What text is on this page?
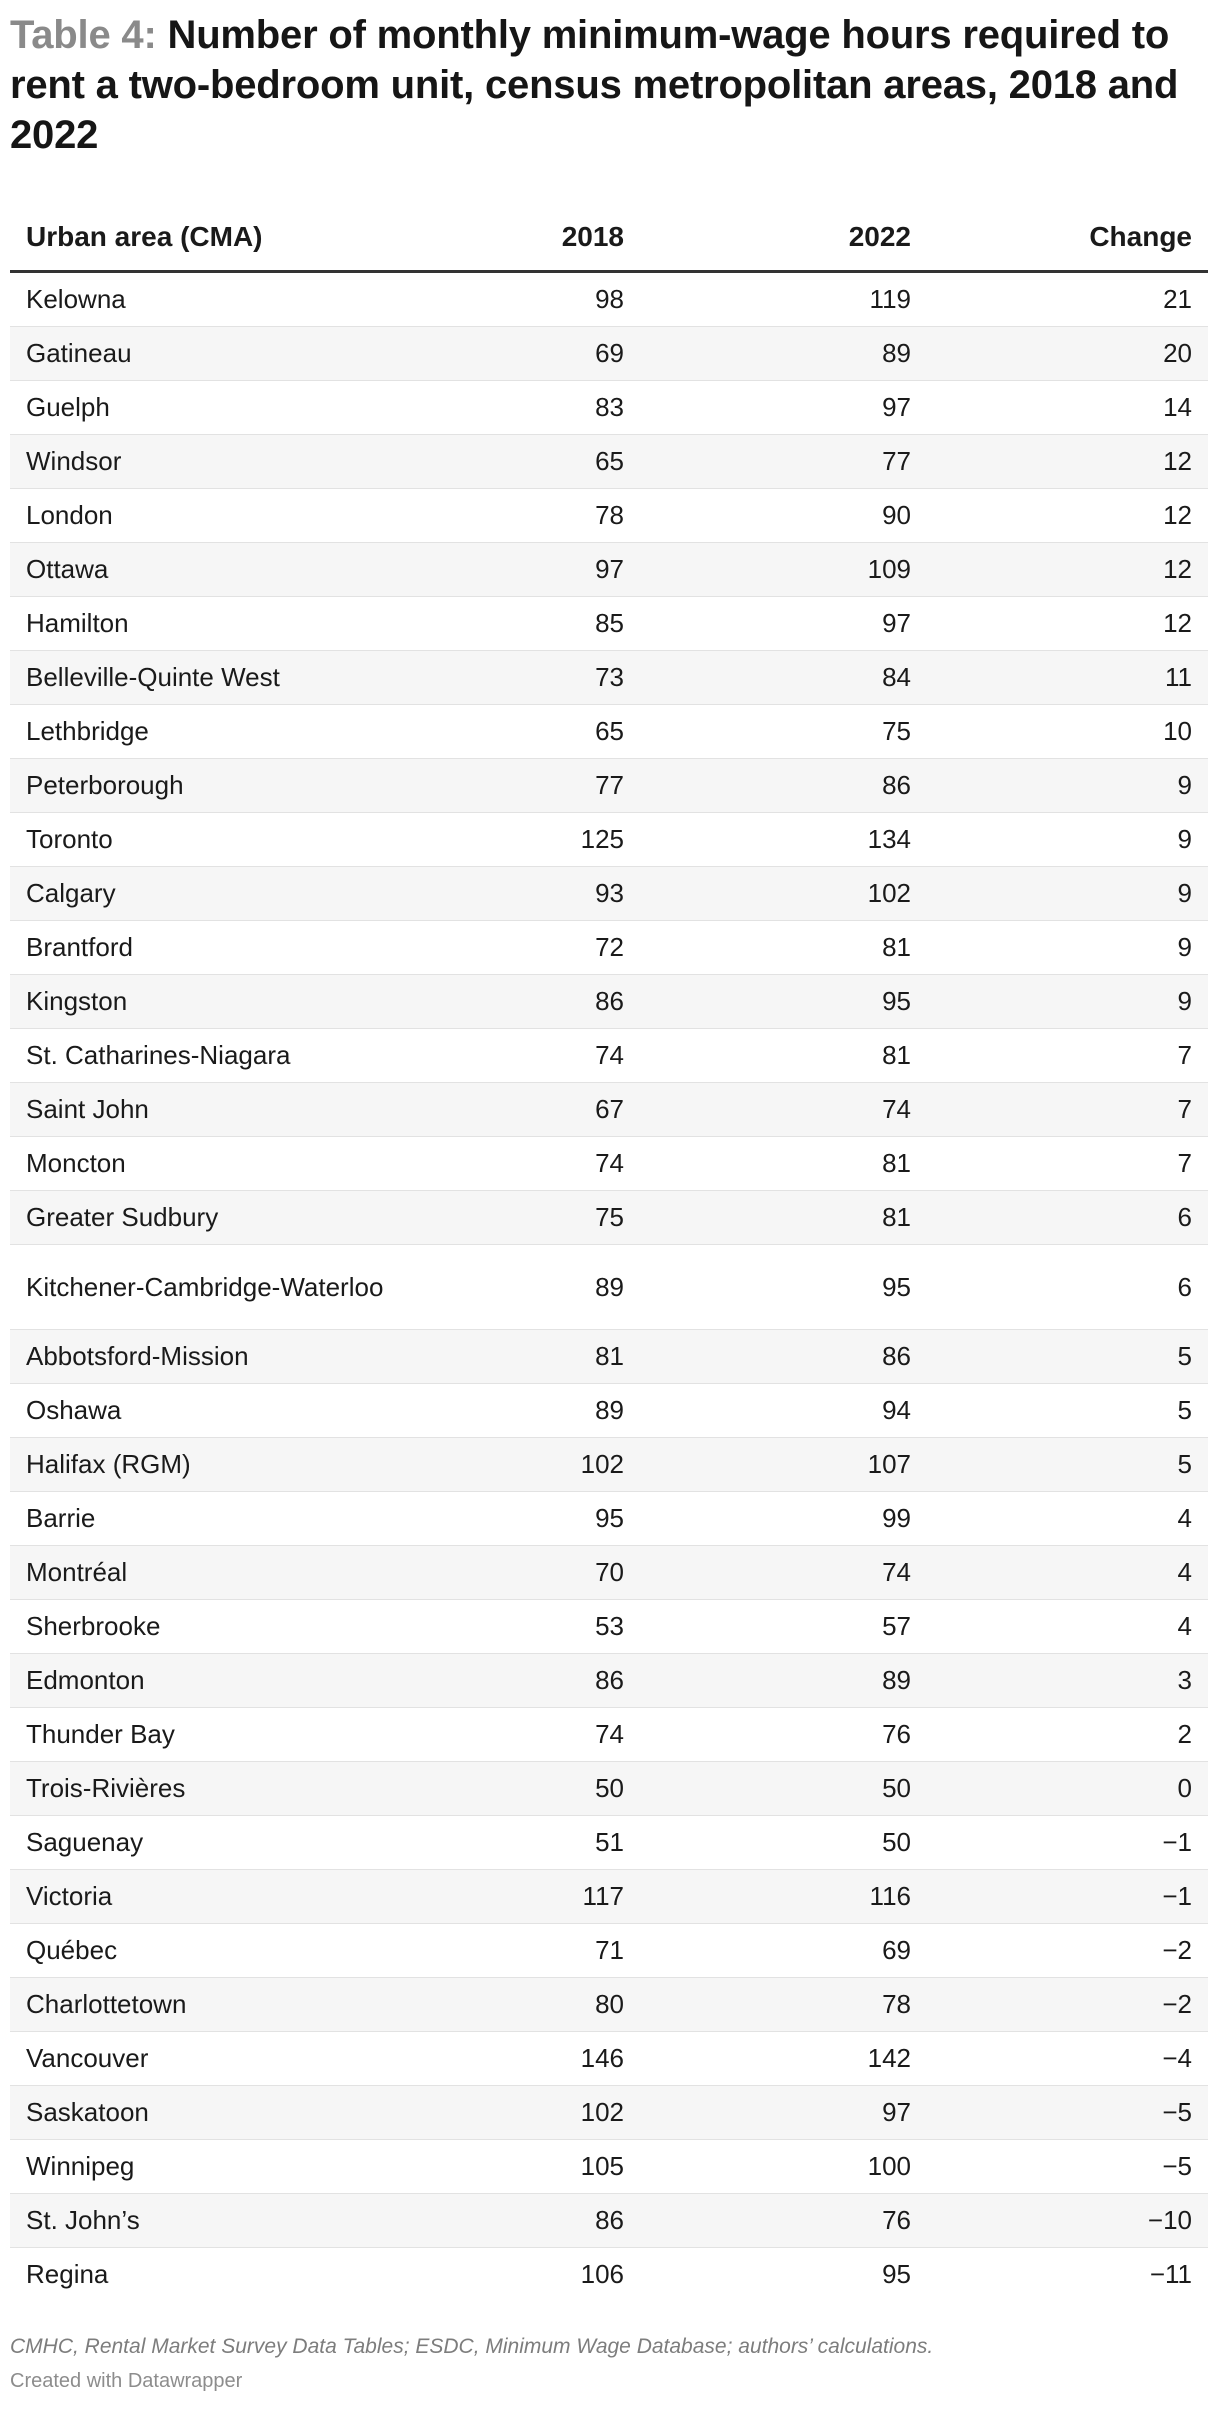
Table 4: Number of monthly minimum-wage hours required to rent a two-bedroom unit, census metropolitan areas, 2018 and 2022
Urban area (CMA)	2018	2022	Change
Kelowna	98	119	21
Gatineau	69	89	20
Guelph	83	97	14
Windsor	65	77	12
London	78	90	12
Ottawa	97	109	12
Hamilton	85	97	12
Belleville-Quinte West	73	84	11
Lethbridge	65	75	10
Peterborough	77	86	9
Toronto	125	134	9
Calgary	93	102	9
Brantford	72	81	9
Kingston	86	95	9
St. Catharines-Niagara	74	81	7
Saint John	67	74	7
Moncton	74	81	7
Greater Sudbury	75	81	6
Kitchener-Cambridge-Waterloo	89	95	6
Abbotsford-Mission	81	86	5
Oshawa	89	94	5
Halifax (RGM)	102	107	5
Barrie	95	99	4
Montréal	70	74	4
Sherbrooke	53	57	4
Edmonton	86	89	3
Thunder Bay	74	76	2
Trois-Rivières	50	50	0
Saguenay	51	50	−1
Victoria	117	116	−1
Québec	71	69	−2
Charlottetown	80	78	−2
Vancouver	146	142	−4
Saskatoon	102	97	−5
Winnipeg	105	100	−5
St. John’s	86	76	−10
Regina	106	95	−11
CMHC, Rental Market Survey Data Tables; ESDC, Minimum Wage Database; authors’ calculations.
Created with Datawrapper
